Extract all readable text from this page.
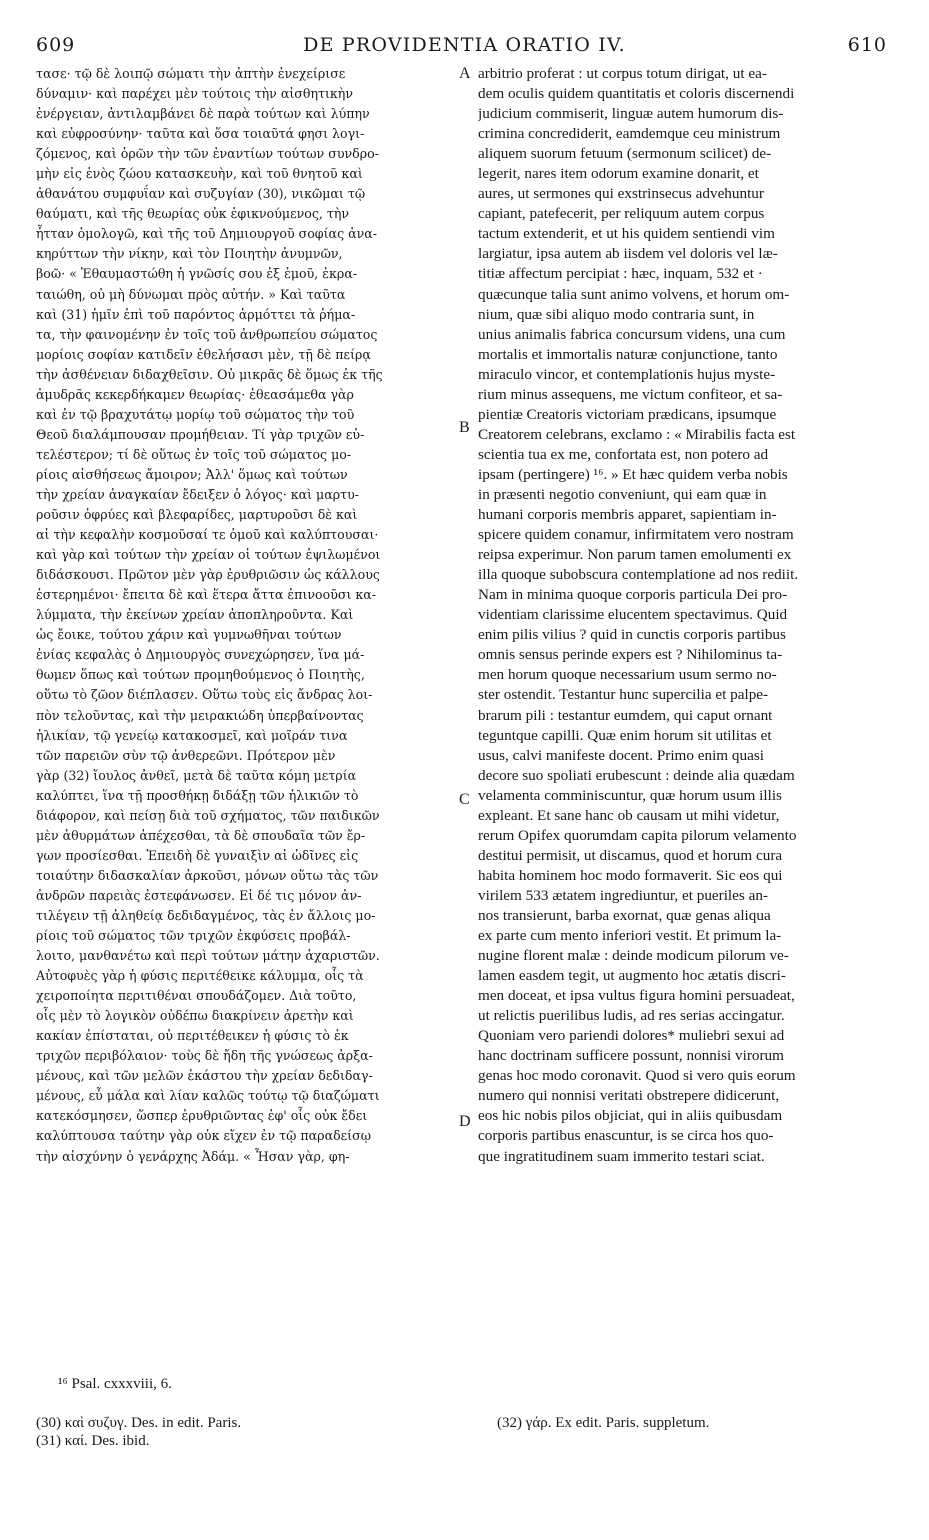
609	DE PROVIDENTIA ORATIO IV.	610
τασε· τῷ δὲ λοιπῷ σώματι τὴν ἁπτὴν ἐνεχείρισε
δύναμιν· καὶ παρέχει μὲν τούτοις τὴν αἰσθητικὴν
ἐνέργειαν, ἀντιλαμβάνει δὲ παρὰ τούτων καὶ λύπην
καὶ εὐφροσύνην· ταῦτα καὶ ὅσα τοιαῦτά φησι λογι-
ζόμενος, καὶ ὁρῶν τὴν τῶν ἐναντίων τούτων συνδρο-
μὴν εἰς ἑνὸς ζώου κατασκευὴν, καὶ τοῦ θνητοῦ καὶ
ἀθανάτου συμφυΐαν καὶ συζυγίαν (30), νικῶμαι τῷ
θαύματι, καὶ τῆς θεωρίας οὐκ ἐφικνούμενος, τὴν
ἧτταν ὁμολογῶ, καὶ τῆς τοῦ Δημιουργοῦ σοφίας ἀνα-
κηρύττων τὴν νίκην, καὶ τὸν Ποιητὴν ἀνυμνῶν,
βοῶ· « Ἐθαυμαστώθη ἡ γνῶσίς σου ἐξ ἐμοῦ, ἐκρα-
ταιώθη, οὐ μὴ δύνωμαι πρὸς αὐτήν. » Καὶ ταῦτα
καὶ (31) ἡμῖν ἐπὶ τοῦ παρόντος ἁρμόττει τὰ ῥήμα-
τα, τὴν φαινομένην ἐν τοῖς τοῦ ἀνθρωπείου σώματος
μορίοις σοφίαν κατιδεῖν ἐθελήσασι μὲν, τῇ δὲ πείρᾳ
τὴν ἀσθένειαν διδαχθεῖσιν. Οὐ μικρᾶς δὲ ὅμως ἐκ τῆς
ἀμυδρᾶς κεκερδήκαμεν θεωρίας· ἐθεασάμεθα γὰρ
καὶ ἐν τῷ βραχυτάτῳ μορίῳ τοῦ σώματος τὴν τοῦ
Θεοῦ διαλάμπουσαν προμήθειαν. Τί γὰρ τριχῶν εὐ-
τελέστερον; τί δὲ οὕτως ἐν τοῖς τοῦ σώματος μο-
ρίοις αἰσθήσεως ἄμοιρον; Ἀλλ' ὅμως καὶ τούτων
τὴν χρείαν ἀναγκαίαν ἔδειξεν ὁ λόγος· καὶ μαρτυ-
ροῦσιν ὀφρύες καὶ βλεφαρίδες, μαρτυροῦσι δὲ καὶ
αἱ τὴν κεφαλὴν κοσμοῦσαί τε ὁμοῦ καὶ καλύπτουσαι·
καὶ γὰρ καὶ τούτων τὴν χρείαν οἱ τούτων ἐψιλωμένοι
διδάσκουσι. Πρῶτον μὲν γὰρ ἐρυθριῶσιν ὡς κάλλους
ἐστερημένοι· ἔπειτα δὲ καὶ ἕτερα ἄττα ἐπινοοῦσι κα-
λύμματα, τὴν ἐκείνων χρείαν ἀποπληροῦντα. Καὶ
ὡς ἔοικε, τούτου χάριν καὶ γυμνωθῆναι τούτων
ἐνίας κεφαλὰς ὁ Δημιουργὸς συνεχώρησεν, ἵνα μά-
θωμεν ὅπως καὶ τούτων προμηθούμενος ὁ Ποιητὴς,
οὕτω τὸ ζῶον διέπλασεν. Οὕτω τοὺς εἰς ἄνδρας λοι-
πὸν τελοῦντας, καὶ τὴν μειρακιώδη ὑπερβαίνοντας
ἡλικίαν, τῷ γενείῳ κατακοσμεῖ, καὶ μοῖράν τινα
τῶν παρειῶν σὺν τῷ ἀνθερεῶνι. Πρότερον μὲν
γὰρ (32) ἴουλος ἀνθεῖ, μετὰ δὲ ταῦτα κόμη μετρία
καλύπτει, ἵνα τῇ προσθήκῃ διδάξῃ τῶν ἡλικιῶν τὸ
διάφορον, καὶ πείσῃ διὰ τοῦ σχήματος, τῶν παιδικῶν
μὲν ἀθυρμάτων ἀπέχεσθαι, τὰ δὲ σπουδαῖα τῶν ἔρ-
γων προσίεσθαι. Ἐπειδὴ δὲ γυναιξὶν αἱ ὠδῖνες εἰς
τοιαύτην διδασκαλίαν ἀρκοῦσι, μόνων οὕτω τὰς τῶν
ἀνδρῶν παρειὰς ἐστεφάνωσεν. Εἰ δέ τις μόνον ἀν-
τιλέγειν τῇ ἀληθείᾳ δεδιδαγμένος, τὰς ἐν ἄλλοις μο-
ρίοις τοῦ σώματος τῶν τριχῶν ἐκφύσεις προβάλ-
λοιτο, μανθανέτω καὶ περὶ τούτων μάτην ἀχαριστῶν.
Αὐτοφυὲς γὰρ ἡ φύσις περιτέθεικε κάλυμμα, οἷς τὰ
χειροποίητα περιτιθέναι σπουδάζομεν. Διὰ τοῦτο,
οἷς μὲν τὸ λογικὸν οὐδέπω διακρίνειν ἀρετὴν καὶ
κακίαν ἐπίσταται, οὐ περιτέθεικεν ἡ φύσις τὸ ἐκ
τριχῶν περιβόλαιον· τοὺς δὲ ἤδη τῆς γνώσεως ἀρξα-
μένους, καὶ τῶν μελῶν ἑκάστου τὴν χρείαν δεδιδαγ-
μένους, εὖ μάλα καὶ λίαν καλῶς τούτῳ τῷ διαζώματι
κατεκόσμησεν, ὥσπερ ἐρυθριῶντας ἐφ' οἷς οὐκ ἔδει
καλύπτουσα ταύτην γὰρ οὐκ εἴχεν ἐν τῷ παραδείσῳ
τὴν αἰσχύνην ὁ γενάρχης Ἀδάμ. « Ἦσαν γὰρ, φη-
arbitrio proferat : ut corpus totum dirigat, ut ea-
dem oculis quidem quantitatis et coloris discernendi
judicium commiserit, linguæ autem humorum dis-
crimina concrediderit, eamdemque ceu ministrum
aliquem suorum fetuum (sermonum scilicet) de-
legerit, nares item odorum examine donarit, et
aures, ut sermones qui exstrinsecus advehuntur
capiant, patefecerit, per reliquum autem corpus
tactum extenderit, et ut his quidem sentiendi vim
largiatur, ipsa autem ab iisdem vel doloris vel læ-
titiæ affectum percipiat : hæc, inquam, 532 et ·
quæcunque talia sunt animo volvens, et horum om-
nium, quæ sibi aliquo modo contraria sunt, in
unius animalis fabrica concursum videns, una cum
mortalis et immortalis naturæ conjunctione, tanto
miraculo vincor, et contemplationis hujus myste-
rium minus assequens, me victum confiteor, et sa-
pientiæ Creatoris victoriam prædicans, ipsumque
Creatorem celebrans, exclamo : « Mirabilis facta est
scientia tua ex me, confortata est, non potero ad
ipsam (pertingere) ¹⁶. » Et hæc quidem verba nobis
in præsenti negotio conveniunt, qui eam quæ in
humani corporis membris apparet, sapientiam in-
spicere quidem conamur, infirmitatem vero nostram
reipsa experimur. Non parum tamen emolumenti ex
illa quoque subobscura contemplatione ad nos rediit.
Nam in minima quoque corporis particula Dei pro-
videntiam clarissime elucentem spectavimus. Quid
enim pilis vilius ? quid in cunctis corporis partibus
omnis sensus perinde expers est ? Nihilominus ta-
men horum quoque necessarium usum sermo no-
ster ostendit. Testantur hunc supercilia et palpe-
brarum pili : testantur eumdem, qui caput ornant
teguntque capilli. Quæ enim horum sit utilitas et
usus, calvi manifeste docent. Primo enim quasi
decore suo spoliati erubescunt : deinde alia quædam
velamenta comminiscuntur, quæ horum usum illis
expleant. Et sane hanc ob causam ut mihi videtur,
rerum Opifex quorumdam capita pilorum velamento
destitui permisit, ut discamus, quod et horum cura
habita hominem hoc modo formaverit. Sic eos qui
virilem 533 ætatem ingrediuntur, et pueriles an-
nos transierunt, barba exornat, quæ genas aliqua
ex parte cum mento inferiori vestit. Et primum la-
nugine florent malæ : deinde modicum pilorum ve-
lamen easdem tegit, ut augmento hoc ætatis discri-
men doceat, et ipsa vultus figura homini persuadeat,
ut relictis puerilibus ludis, ad res serias accingatur.
Quoniam vero pariendi dolores* muliebri sexui ad
hanc doctrinam sufficere possunt, nonnisi virorum
genas hoc modo coronavit. Quod si vero quis eorum
numero qui nonnisi veritati obstrepere didicerunt,
eos hic nobis pilos objiciat, qui in aliis quibusdam
corporis partibus enascuntur, is se circa hos quo-
que ingratitudinem suam immerito testari sciat.
A
B
C
D
¹⁶ Psal. cxxxviii, 6.
(30) καὶ συζυγ. Des. in edit. Paris.
(31) καί. Des. ibid.
(32) γάρ. Ex edit. Paris. suppletum.
